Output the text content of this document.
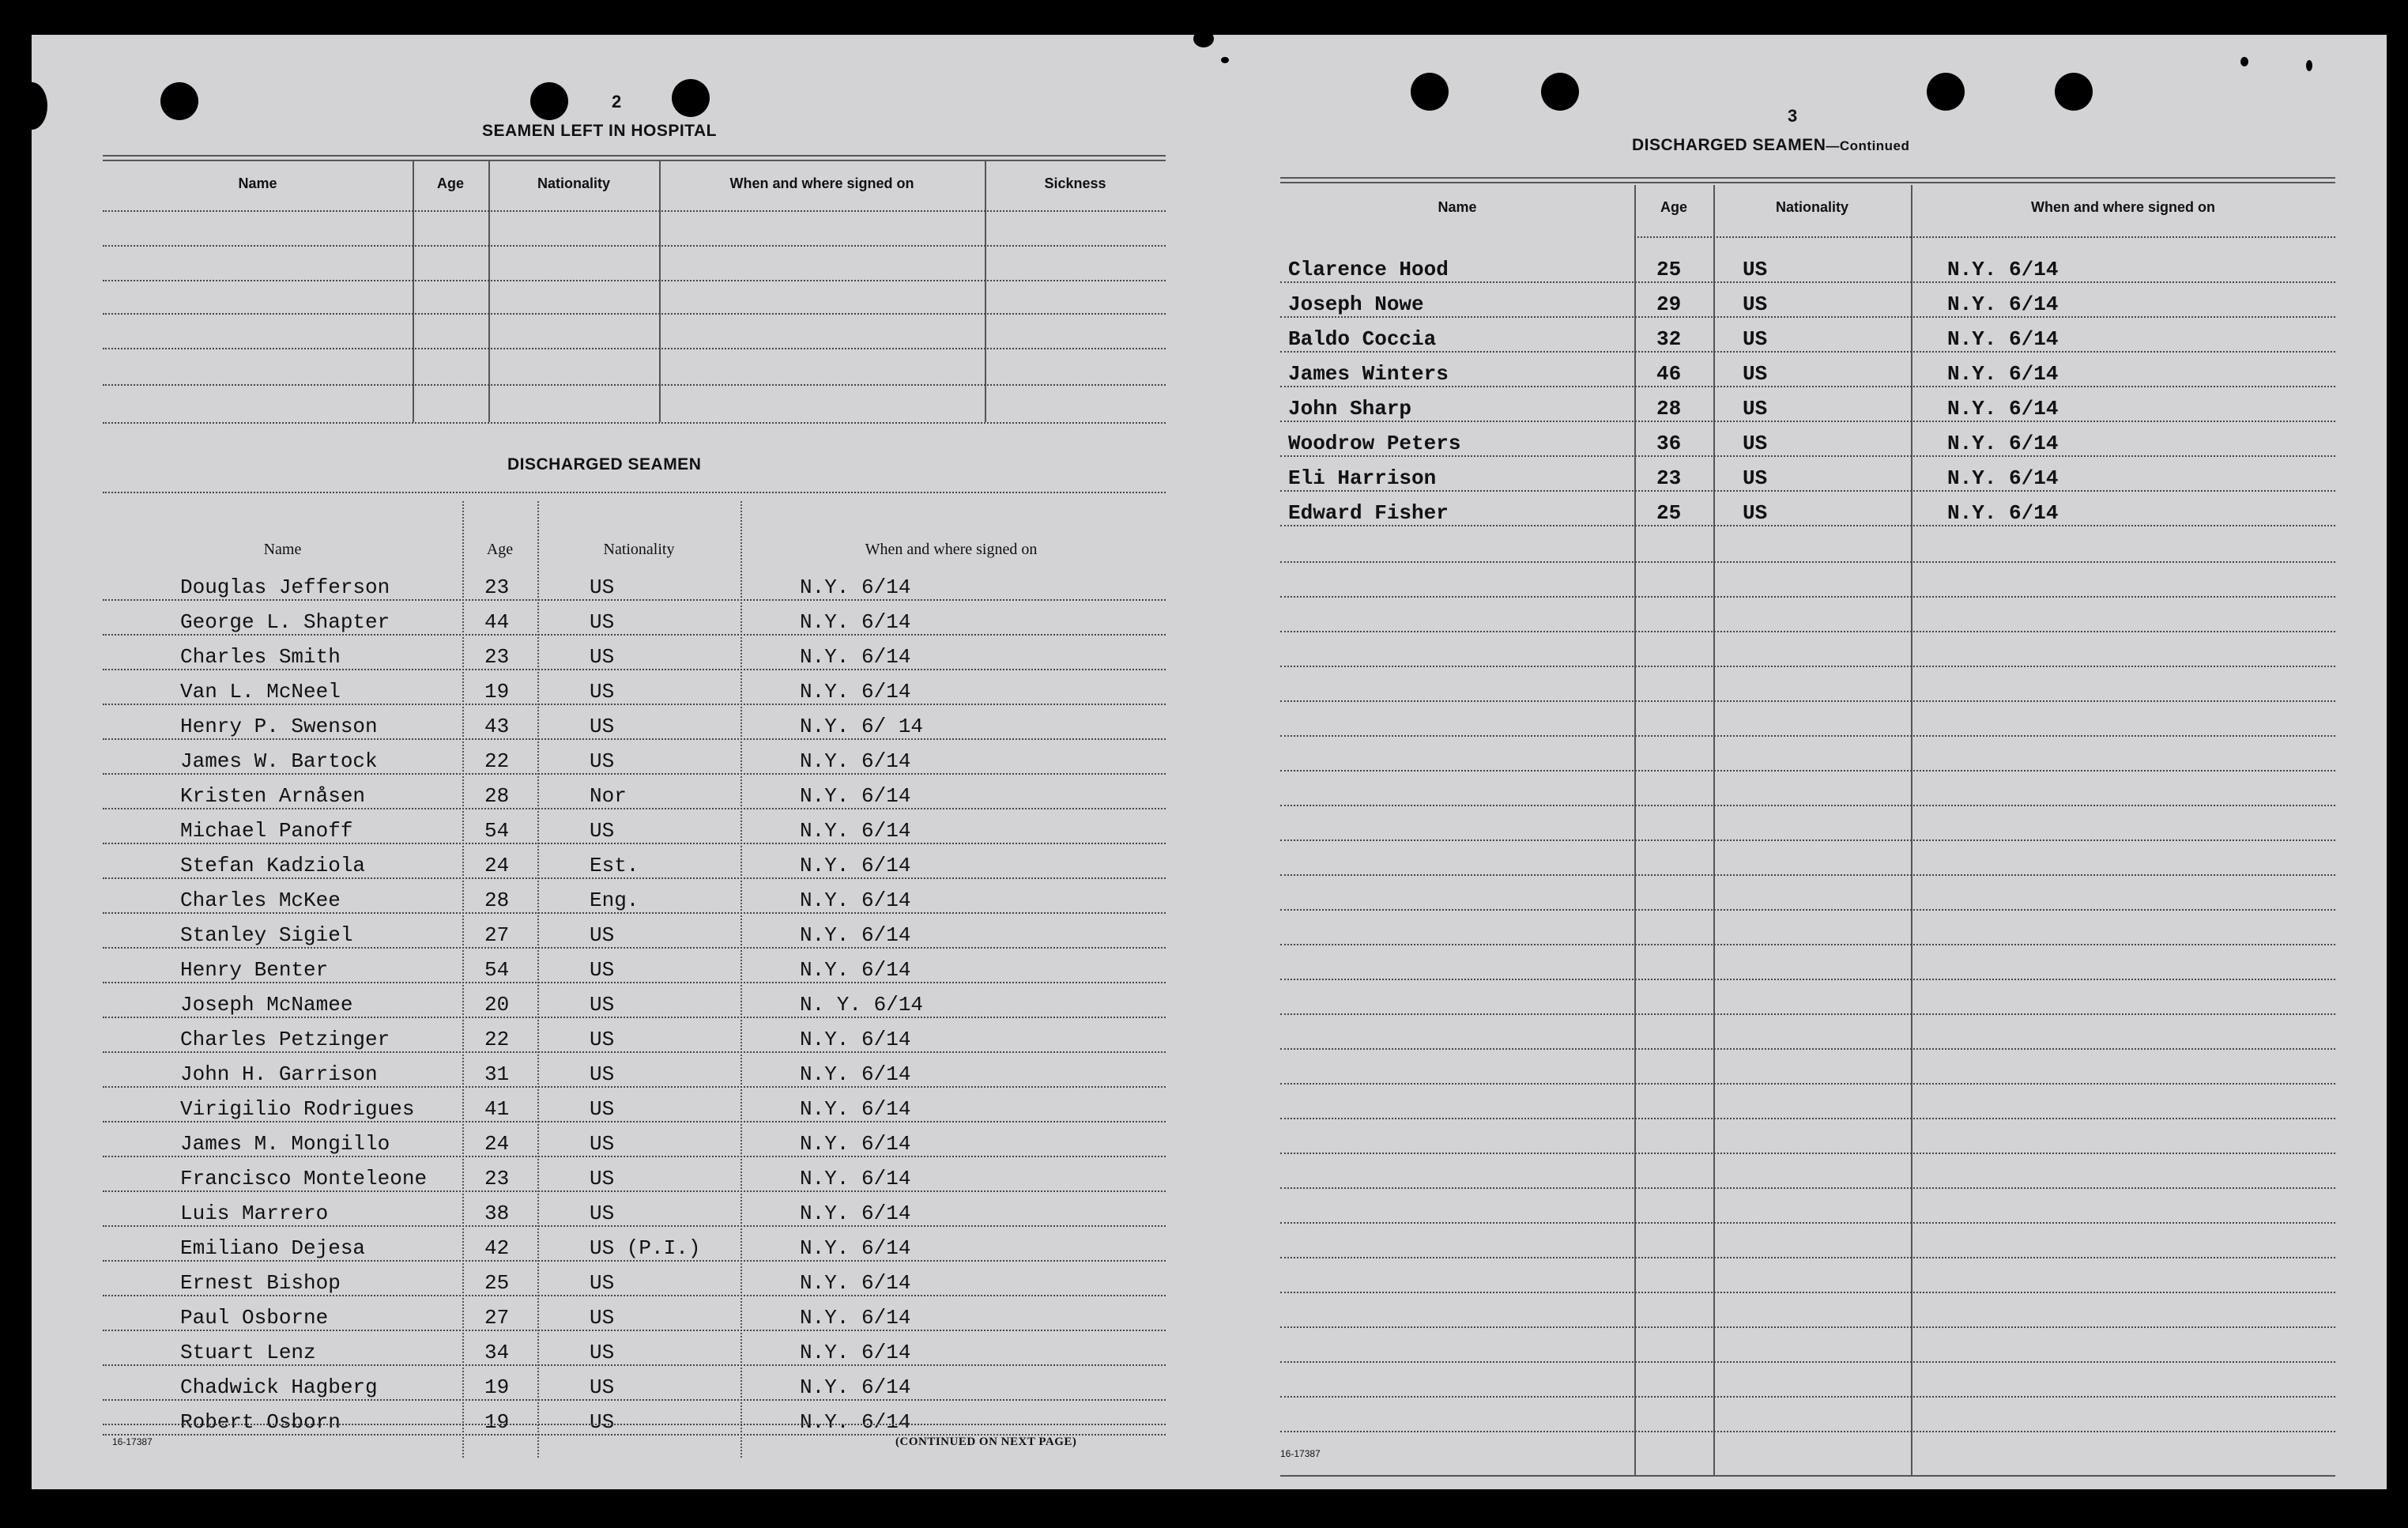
2
SEAMEN LEFT IN HOSPITAL
Name	Age	Nationality	When and where signed on	Sickness
DISCHARGED SEAMEN
Name	Age	Nationality	When and where signed on
Douglas Jefferson	23	US	N.Y. 6/14
George L. Shapter	44	US	N.Y. 6/14
Charles Smith	23	US	N.Y. 6/14
Van L. McNeel	19	US	N.Y. 6/14
Henry P. Swenson	43	US	N.Y. 6/ 14
James W. Bartock	22	US	N.Y. 6/14
Kristen Arnåsen	28	Nor	N.Y. 6/14
Michael Panoff	54	US	N.Y. 6/14
Stefan Kadziola	24	Est.	N.Y. 6/14
Charles McKee	28	Eng.	N.Y. 6/14
Stanley Sigiel	27	US	N.Y. 6/14
Henry Benter	54	US	N.Y. 6/14
Joseph McNamee	20	US	N. Y. 6/14
Charles Petzinger	22	US	N.Y. 6/14
John H. Garrison	31	US	N.Y. 6/14
Virigilio Rodrigues	41	US	N.Y. 6/14
James M. Mongillo	24	US	N.Y. 6/14
Francisco Monteleone	23	US	N.Y. 6/14
Luis Marrero	38	US	N.Y. 6/14
Emiliano Dejesa	42	US (P.I.)	N.Y. 6/14
Ernest Bishop	25	US	N.Y. 6/14
Paul Osborne	27	US	N.Y. 6/14
Stuart Lenz	34	US	N.Y. 6/14
Chadwick Hagberg	19	US	N.Y. 6/14
Robert Osborn	19	US	N.Y. 6/14
16-17387	(CONTINUED ON NEXT PAGE)
3
DISCHARGED SEAMEN—Continued
Name	Age	Nationality	When and where signed on
Clarence Hood	25	US	N.Y. 6/14
Joseph Nowe	29	US	N.Y. 6/14
Baldo Coccia	32	US	N.Y. 6/14
James Winters	46	US	N.Y. 6/14
John Sharp	28	US	N.Y. 6/14
Woodrow Peters	36	US	N.Y. 6/14
Eli Harrison	23	US	N.Y. 6/14
Edward Fisher	25	US	N.Y. 6/14
16-17387
